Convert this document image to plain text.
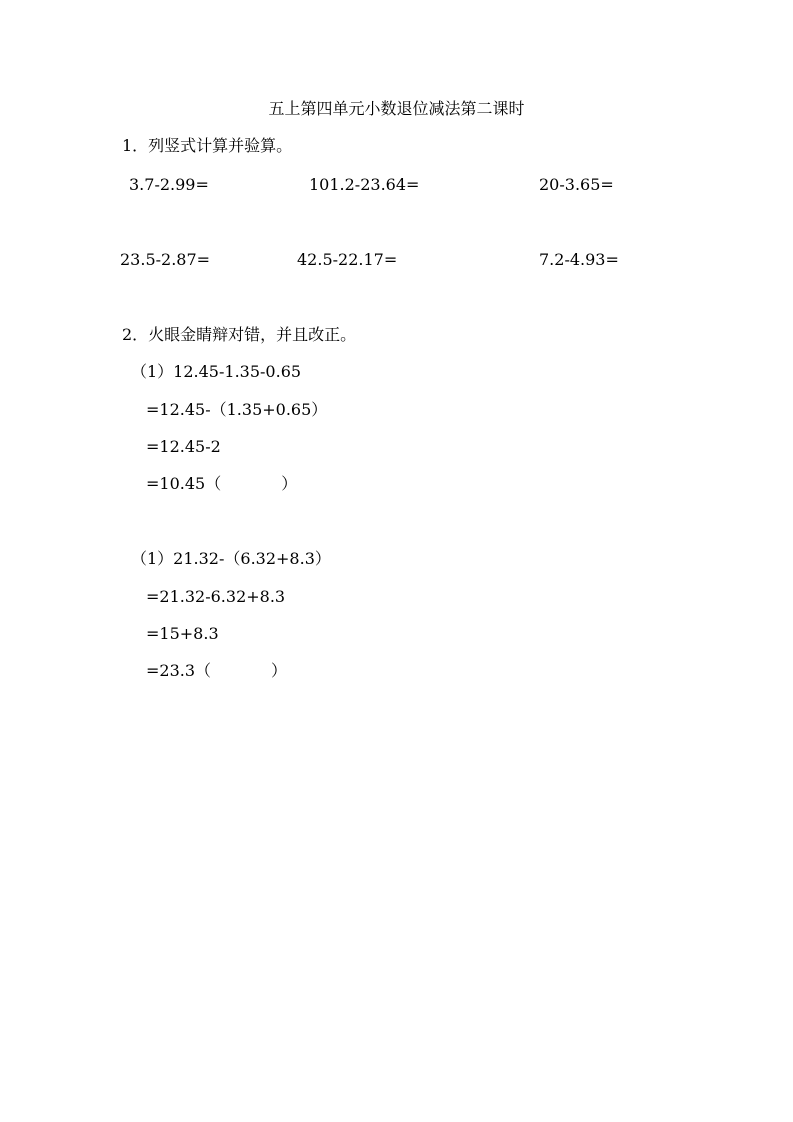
五上第四单元小数退位减法第二课时
1．列竖式计算并验算。
3.7-2.99=	101.2-23.64=	20-3.65=
23.5-2.87=	42.5-22.17=	7.2-4.93=
2．火眼金睛辩对错，并且改正。
（1）12.45-1.35-0.65
=12.45-（1.35+0.65）
=12.45-2
=10.45（	）
（1）21.32-（6.32+8.3）
=21.32-6.32+8.3
=15+8.3
=23.3（	）
